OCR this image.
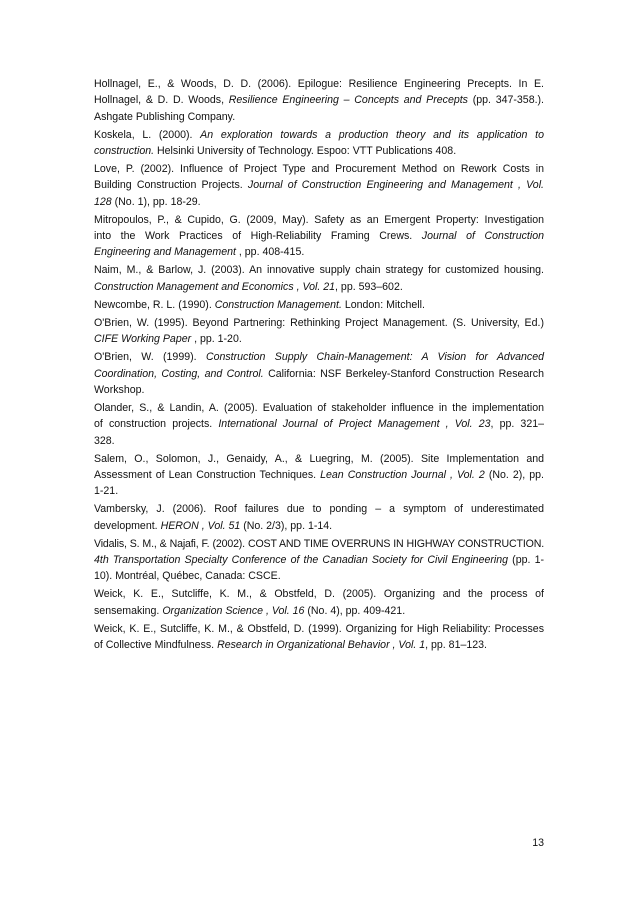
Hollnagel, E., & Woods, D. D. (2006). Epilogue: Resilience Engineering Precepts. In E.
Hollnagel, & D. D. Woods, Resilience Engineering – Concepts and Precepts (pp. 347-358.).
Ashgate Publishing Company.
Koskela, L. (2000). An exploration towards a production theory and its application to
construction. Helsinki University of Technology. Espoo: VTT Publications 408.
Love, P. (2002). Influence of Project Type and Procurement Method on Rework Costs in
Building Construction Projects. Journal of Construction Engineering and Management , Vol.
128 (No. 1), pp. 18-29.
Mitropoulos, P., & Cupido, G. (2009, May). Safety as an Emergent Property: Investigation
into the Work Practices of High-Reliability Framing Crews. Journal of Construction
Engineering and Management , pp. 408-415.
Naim, M., & Barlow, J. (2003). An innovative supply chain strategy for customized housing.
Construction Management and Economics , Vol. 21, pp. 593–602.
Newcombe, R. L. (1990). Construction Management. London: Mitchell.
O'Brien, W. (1995). Beyond Partnering: Rethinking Project Management. (S. University, Ed.)
CIFE Working Paper , pp. 1-20.
O'Brien, W. (1999). Construction Supply Chain-Management: A Vision for Advanced
Coordination, Costing, and Control. California: NSF Berkeley-Stanford Construction Research
Workshop.
Olander, S., & Landin, A. (2005). Evaluation of stakeholder influence in the implementation
of construction projects. International Journal of Project Management , Vol. 23, pp. 321–
328.
Salem, O., Solomon, J., Genaidy, A., & Luegring, M. (2005). Site Implementation and
Assessment of Lean Construction Techniques. Lean Construction Journal , Vol. 2 (No. 2), pp.
1-21.
Vambersky, J. (2006). Roof failures due to ponding – a symptom of underestimated
development. HERON , Vol. 51 (No. 2/3), pp. 1-14.
Vidalis, S. M., & Najafi, F. (2002). COST AND TIME OVERRUNS IN HIGHWAY CONSTRUCTION.
4th Transportation Specialty Conference of the Canadian Society for Civil Engineering (pp. 1-
10). Montréal, Québec, Canada: CSCE.
Weick, K. E., Sutcliffe, K. M., & Obstfeld, D. (2005). Organizing and the process of
sensemaking. Organization Science , Vol. 16 (No. 4), pp. 409-421.
Weick, K. E., Sutcliffe, K. M., & Obstfeld, D. (1999). Organizing for High Reliability: Processes
of Collective Mindfulness. Research in Organizational Behavior , Vol. 1, pp. 81–123.
13
